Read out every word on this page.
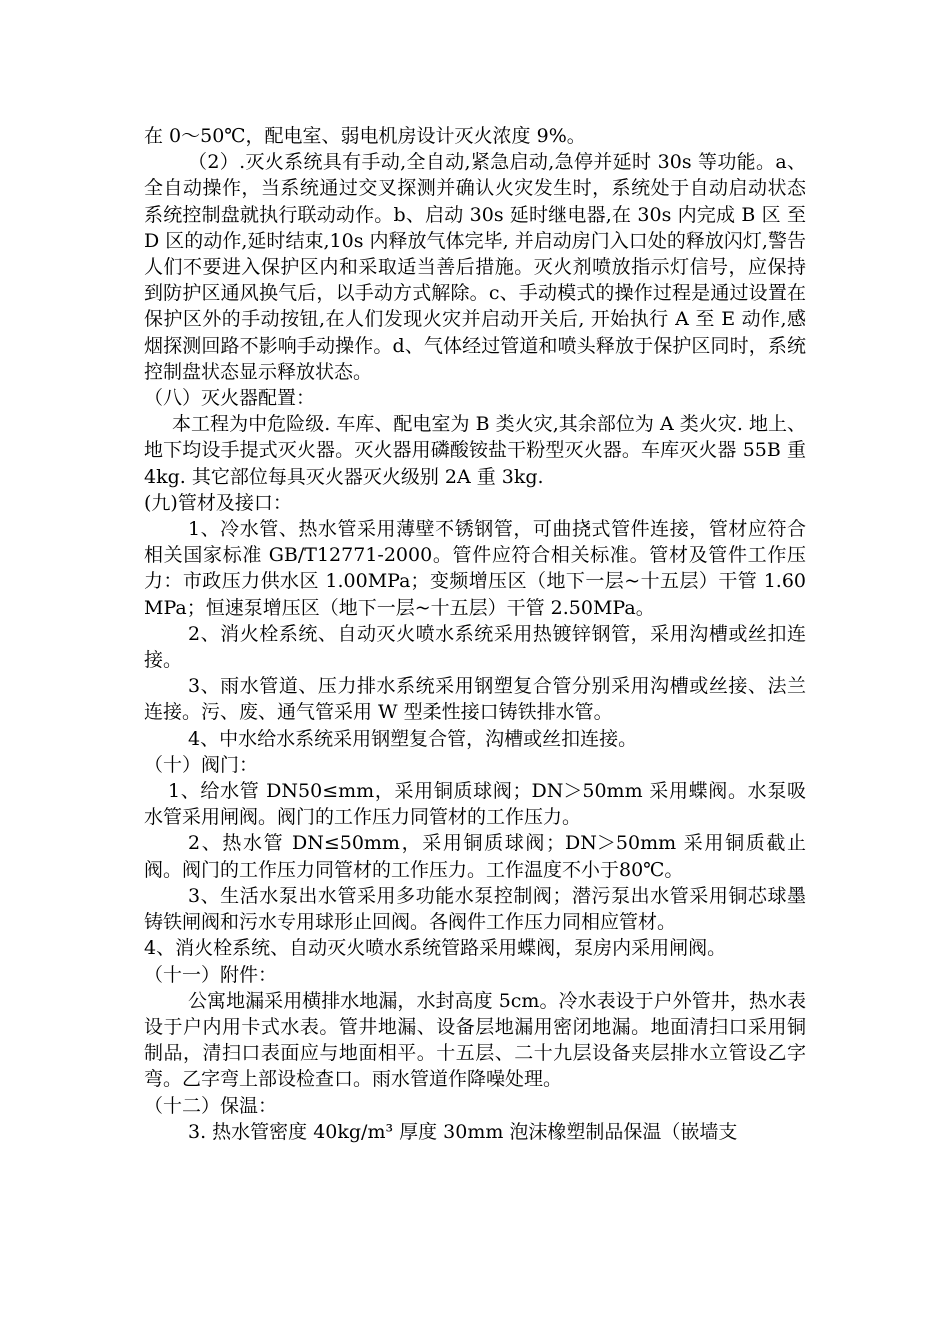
在 0～50℃，配电室、弱电机房设计灭火浓度 9%。

（2）.灭火系统具有手动,全自动,紧急启动,急停并延时 30s 等功能。a、全自动操作，当系统通过交叉探测并确认火灾发生时，系统处于自动启动状态系统控制盘就执行联动动作。b、启动 30s 延时继电器,在 30s 内完成 B 区 至 D 区的动作,延时结束,10s 内释放气体完毕, 并启动房门入口处的释放闪灯,警告人们不要进入保护区内和采取适当善后措施。灭火剂喷放指示灯信号，应保持到防护区通风换气后，以手动方式解除。c、手动模式的操作过程是通过设置在保护区外的手动按钮,在人们发现火灾并启动开关后, 开始执行 A 至 E 动作,感烟探测回路不影响手动操作。d、气体经过管道和喷头释放于保护区同时，系统控制盘状态显示释放状态。

（八）灭火器配置：

本工程为中危险级. 车库、配电室为 B 类火灾,其余部位为 A 类火灾. 地上、地下均设手提式灭火器。灭火器用磷酸铵盐干粉型灭火器。车库灭火器 55B 重 4kg. 其它部位每具灭火器灭火级别 2A 重 3kg.

(九)管材及接口：

1、冷水管、热水管采用薄壁不锈钢管，可曲挠式管件连接，管材应符合相关国家标准 GB/T12771-2000。管件应符合相关标准。管材及管件工作压力：市政压力供水区 1.00MPa；变频增压区（地下一层~十五层）干管 1.60MPa；恒速泵增压区（地下一层~十五层）干管 2.50MPa。

2、消火栓系统、自动灭火喷水系统采用热镀锌钢管，采用沟槽或丝扣连接。

3、雨水管道、压力排水系统采用钢塑复合管分别采用沟槽或丝接、法兰连接。污、废、通气管采用 W 型柔性接口铸铁排水管。

4、中水给水系统采用钢塑复合管，沟槽或丝扣连接。

（十）阀门：

1、给水管 DN50≤mm，采用铜质球阀；DN＞50mm 采用蝶阀。水泵吸水管采用闸阀。阀门的工作压力同管材的工作压力。

2、热水管 DN≤50mm，采用铜质球阀；DN＞50mm 采用铜质截止阀。阀门的工作压力同管材的工作压力。工作温度不小于80℃。

3、生活水泵出水管采用多功能水泵控制阀；潜污泵出水管采用铜芯球墨铸铁闸阀和污水专用球形止回阀。各阀件工作压力同相应管材。

4、消火栓系统、自动灭火喷水系统管路采用蝶阀，泵房内采用闸阀。

（十一）附件：

公寓地漏采用横排水地漏，水封高度 5cm。冷水表设于户外管井，热水表设于户内用卡式水表。管井地漏、设备层地漏用密闭地漏。地面清扫口采用铜制品，清扫口表面应与地面相平。十五层、二十九层设备夹层排水立管设乙字弯。乙字弯上部设检查口。雨水管道作降噪处理。

（十二）保温：

3. 热水管密度 40kg/m³ 厚度 30mm 泡沫橡塑制品保温（嵌墙支
